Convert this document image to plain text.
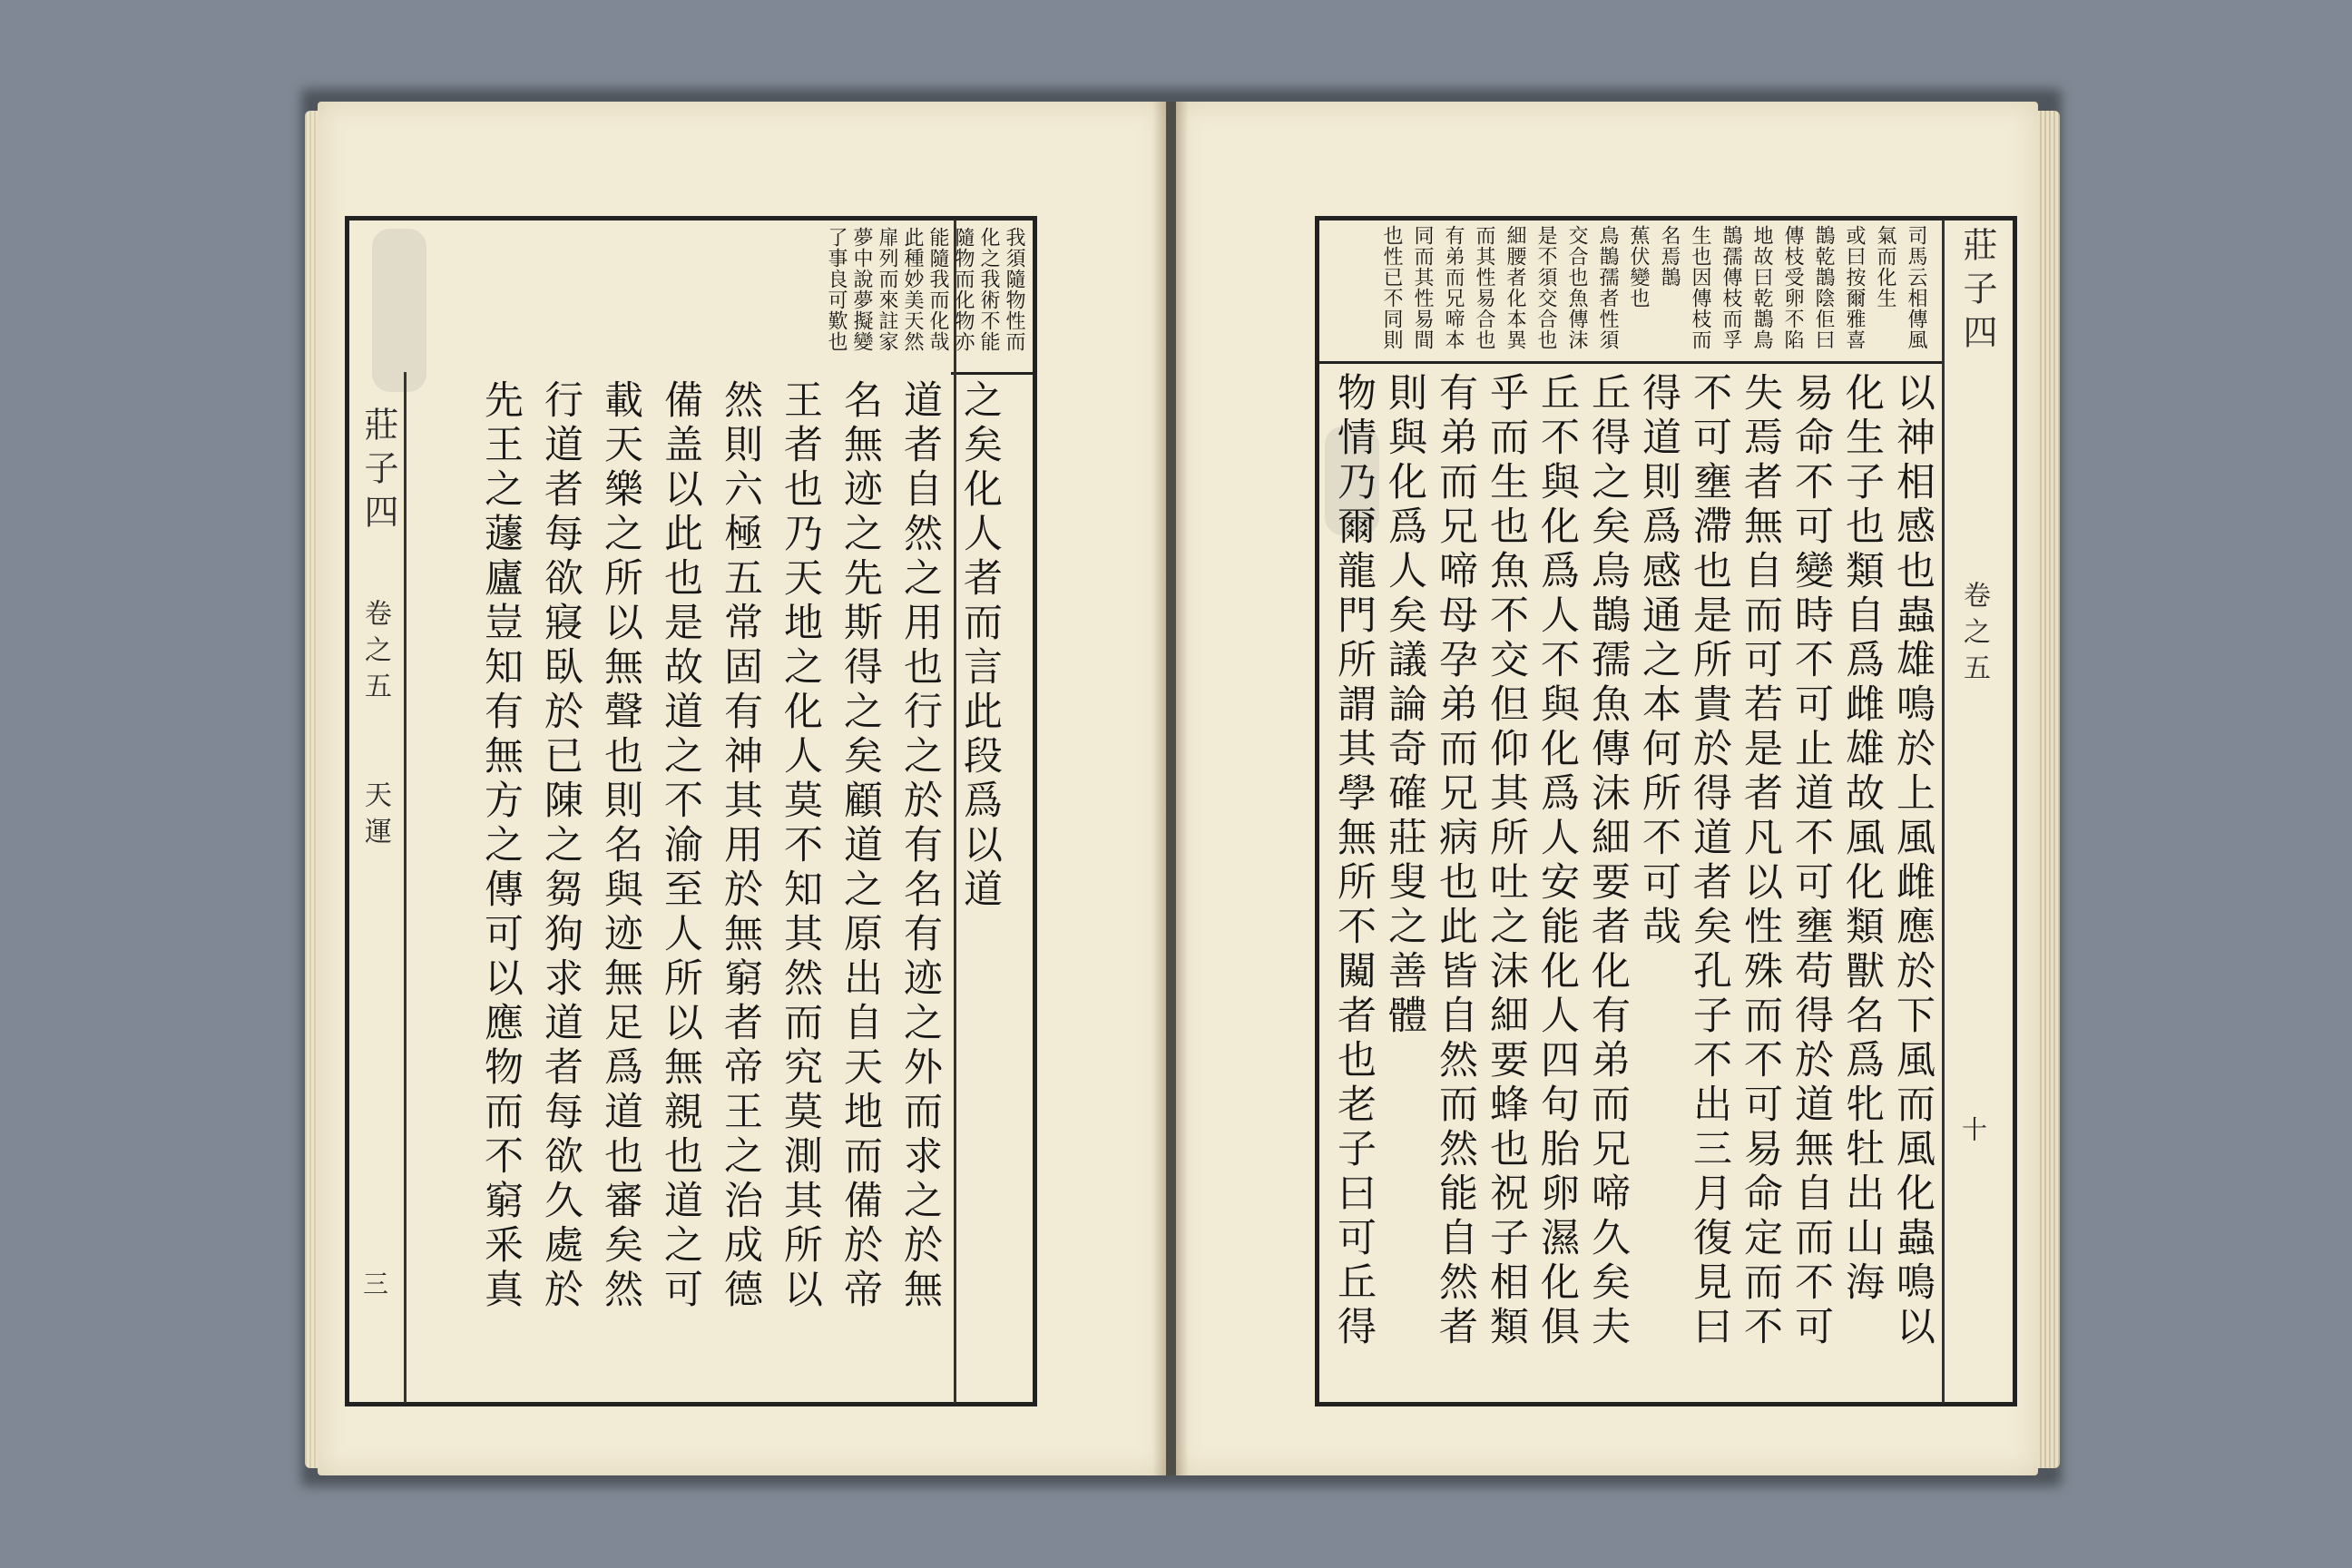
莊子四
卷之五
天運
三
我須隨物性而
化之我術不能
隨物而化物亦
能隨我而化哉
此種妙美天然
扉列而來註家
夢中說夢擬變
了事良可歎也
之矣化人者而言此段爲以道
道者自然之用也行之於有名有迹之外而求之於無
名無迹之先斯得之矣顧道之原出自天地而備於帝
王者也乃天地之化人莫不知其然而究莫測其所以
然則六極五常固有神其用於無窮者帝王之治成德
備盖以此也是故道之不渝至人所以無親也道之可
載天樂之所以無聲也則名與迹無足爲道也審矣然
行道者每欲寢臥於已陳之芻狗求道者每欲久處於
先王之蘧廬豈知有無方之傳可以應物而不窮釆真
司馬云相傳風
氣而化生
或曰按爾雅喜
鵲乾鵲陰佢曰
傳枝受卵不陷
地故曰乾鵲鳥
鵲孺傳枝而孚
生也因傳枝而
名焉鵲
蕉伏變也
鳥鵲孺者性須
交合也魚傳沫
是不須交合也
細腰者化本異
而其性易合也
有弟而兄啼本
同而其性易間
也性已不同則	莊子四
卷之五
十
以神相感也蟲雄鳴於上風雌應於下風而風化蟲鳴以
化生子也類自爲雌雄故風化類獸名爲牝牡出山海
易命不可變時不可止道不可壅苟得於道無自而不可
失焉者無自而可若是者凡以性殊而不可易命定而不
不可壅滯也是所貴於得道者矣孔子不出三月復見曰
得道則爲感通之本何所不可哉
丘得之矣烏鵲孺魚傳沫細要者化有弟而兄啼久矣夫
丘不與化爲人不與化爲人安能化人四句胎卵濕化俱
乎而生也魚不交但仰其所吐之沫細要蜂也祝子相類
有弟而兄啼母孕弟而兄病也此皆自然而然能自然者
則與化爲人矣議論奇確莊叟之善體
物情乃爾龍門所謂其學無所不闚者也老子曰可丘得
